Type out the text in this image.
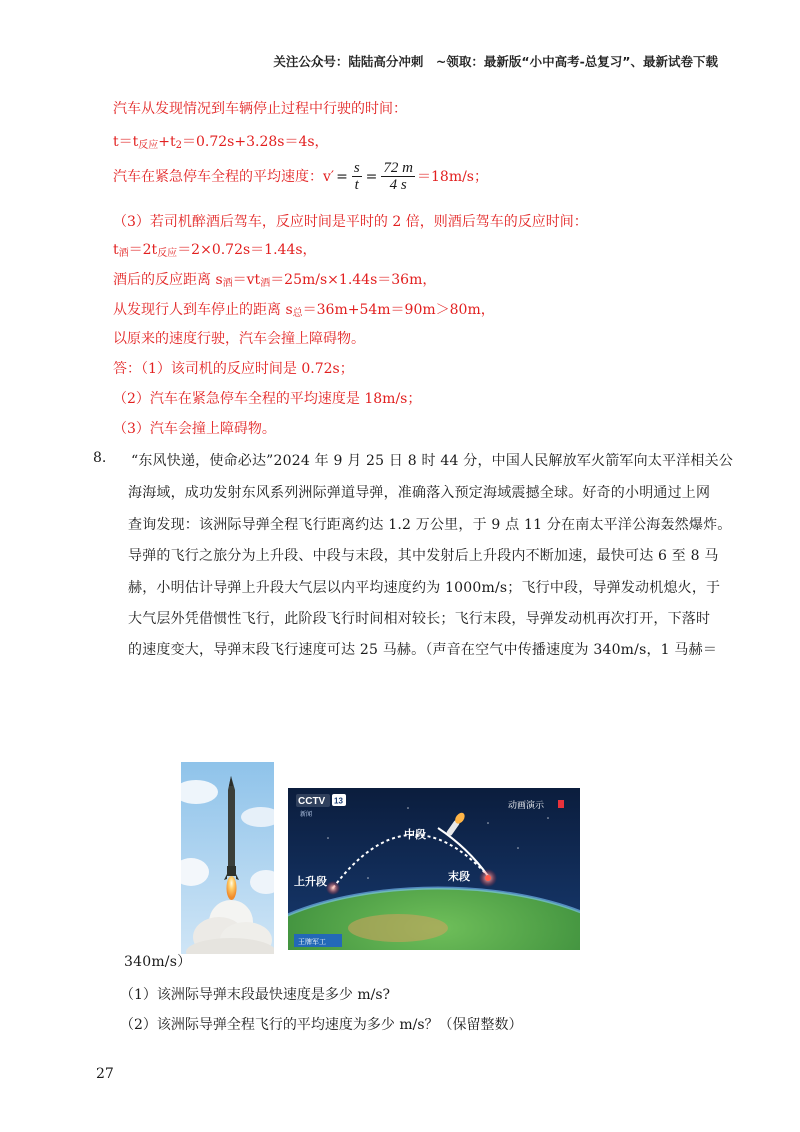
关注公众号：陆陆高分冲刺　~领取：最新版“小中高考-总复习”、最新试卷下载
汽车从发现情况到车辆停止过程中行驶的时间：
t＝t反应+t2＝0.72s+3.28s＝4s，
汽车在紧急停车全程的平均速度：$v' = \frac{s}{t} = \frac{72 m}{4 s} =18m/s$；
（3）若司机醉酒后驾车，反应时间是平时的 2 倍，则酒后驾车的反应时间：
t酒＝2t反应＝2×0.72s＝1.44s，
酒后的反应距离 s酒＝vt酒＝25m/s×1.44s＝36m，
从发现行人到车停止的距离 s总＝36m+54m＝90m＞80m，
以原来的速度行驶，汽车会撞上障碍物。
答：（1）该司机的反应时间是 0.72s；
（2）汽车在紧急停车全程的平均速度是 18m/s；
（3）汽车会撞上障碍物。
8. “东风快递，使命必达”2024 年 9 月 25 日 8 时 44 分，中国人民解放军火箭军向太平洋相关公
海海域，成功发射东风系列洲际弹道导弹，准确落入预定海域震撼全球。好奇的小明通过上网
查询发现：该洲际导弹全程飞行距离约达 1.2 万公里，于 9 点 11 分在南太平洋公海轰然爆炸。
导弹的飞行之旅分为上升段、中段与末段，其中发射后上升段内不断加速，最快可达 6 至 8 马
赫，小明估计导弹上升段大气层以内平均速度约为 1000m/s；飞行中段，导弹发动机熄火，于
大气层外凭借惯性飞行，此阶段飞行时间相对较长；飞行末段，导弹发动机再次打开，下落时
的速度变大，导弹末段飞行速度可达 25 马赫。（声音在空气中传播速度为 340m/s，1 马赫＝
CCTV 13
新闻
动画演示
中段
上升段	末段
王牌军工
340m/s）
（1）该洲际导弹末段最快速度是多少 m/s?
（2）该洲际导弹全程飞行的平均速度为多少 m/s？（保留整数）
27
